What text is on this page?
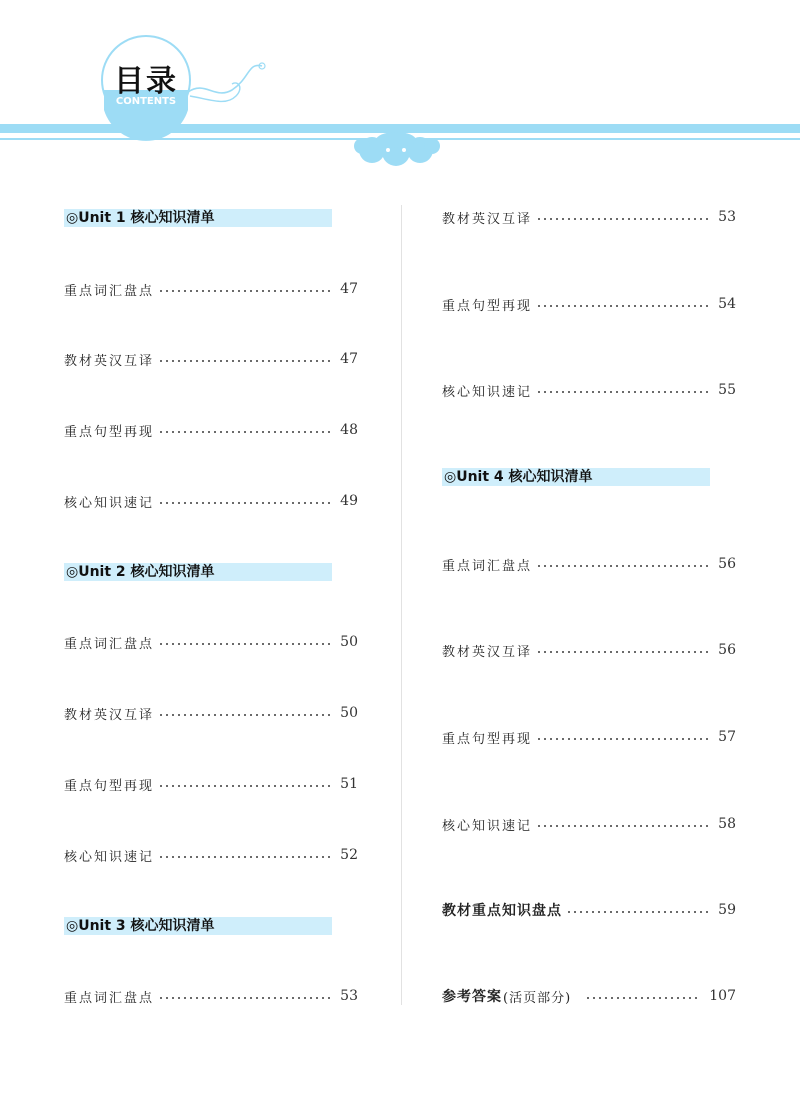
目录
CONTENTS
◎Unit 1 核心知识清单
重点词汇盘点	47
教材英汉互译	47
重点句型再现	48
核心知识速记	49
◎Unit 2 核心知识清单
重点词汇盘点	50
教材英汉互译	50
重点句型再现	51
核心知识速记	52
◎Unit 3 核心知识清单
重点词汇盘点	53
教材英汉互译	53
重点句型再现	54
核心知识速记	55
◎Unit 4 核心知识清单
重点词汇盘点	56
教材英汉互译	56
重点句型再现	57
核心知识速记	58
教材重点知识盘点	59
参考答案 (活页部分)	107
